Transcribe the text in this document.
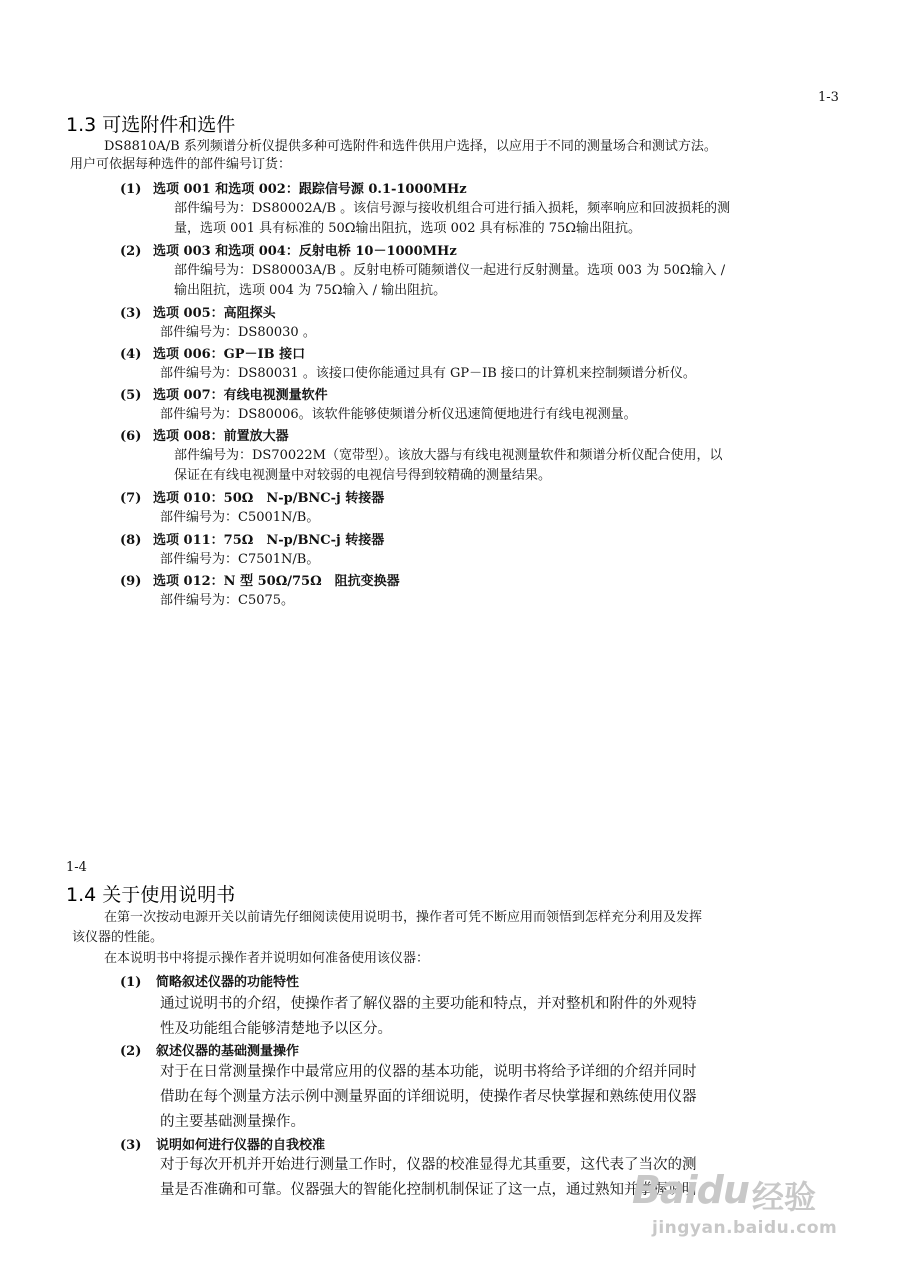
1-3
1.3 可选附件和选件
DS8810A/B 系列频谱分析仪提供多种可选附件和选件供用户选择，以应用于不同的测量场合和测试方法。
用户可依据每种选件的部件编号订货：
(1) 选项 001 和选项 002：跟踪信号源 0.1-1000MHz
部件编号为：DS80002A/B 。该信号源与接收机组合可进行插入损耗，频率响应和回波损耗的测
量，选项 001 具有标准的 50Ω输出阻抗，选项 002 具有标准的 75Ω输出阻抗。
(2) 选项 003 和选项 004：反射电桥 10－1000MHz
部件编号为：DS80003A/B 。反射电桥可随频谱仪一起进行反射测量。选项 003 为 50Ω输入 /
输出阻抗，选项 004 为 75Ω输入 / 输出阻抗。
(3) 选项 005：高阻探头
部件编号为：DS80030 。
(4) 选项 006：GP－IB 接口
部件编号为：DS80031 。该接口使你能通过具有 GP－IB 接口的计算机来控制频谱分析仪。
(5) 选项 007：有线电视测量软件
部件编号为：DS80006。该软件能够使频谱分析仪迅速简便地进行有线电视测量。
(6) 选项 008：前置放大器
部件编号为：DS70022M（宽带型）。该放大器与有线电视测量软件和频谱分析仪配合使用，以
保证在有线电视测量中对较弱的电视信号得到较精确的测量结果。
(7) 选项 010：50Ω　N-p/BNC-j 转接器
部件编号为：C5001N/B。
(8) 选项 011：75Ω　N-p/BNC-j 转接器
部件编号为：C7501N/B。
(9) 选项 012：N 型 50Ω/75Ω　阻抗变换器
部件编号为：C5075。
1-4
1.4 关于使用说明书
在第一次按动电源开关以前请先仔细阅读使用说明书，操作者可凭不断应用而领悟到怎样充分利用及发挥
该仪器的性能。
在本说明书中将提示操作者并说明如何准备使用该仪器：
(1) 简略叙述仪器的功能特性
通过说明书的介绍，使操作者了解仪器的主要功能和特点，并对整机和附件的外观特
性及功能组合能够清楚地予以区分。
(2) 叙述仪器的基础测量操作
对于在日常测量操作中最常应用的仪器的基本功能，说明书将给予详细的介绍并同时
借助在每个测量方法示例中测量界面的详细说明，使操作者尽快掌握和熟练使用仪器
的主要基础测量操作。
(3) 说明如何进行仪器的自我校准
对于每次开机并开始进行测量工作时，仪器的校准显得尤其重要，这代表了当次的测
量是否准确和可靠。仪器强大的智能化控制机制保证了这一点，通过熟知并掌握说明
Baidu 经验
jingyan.baidu.com
